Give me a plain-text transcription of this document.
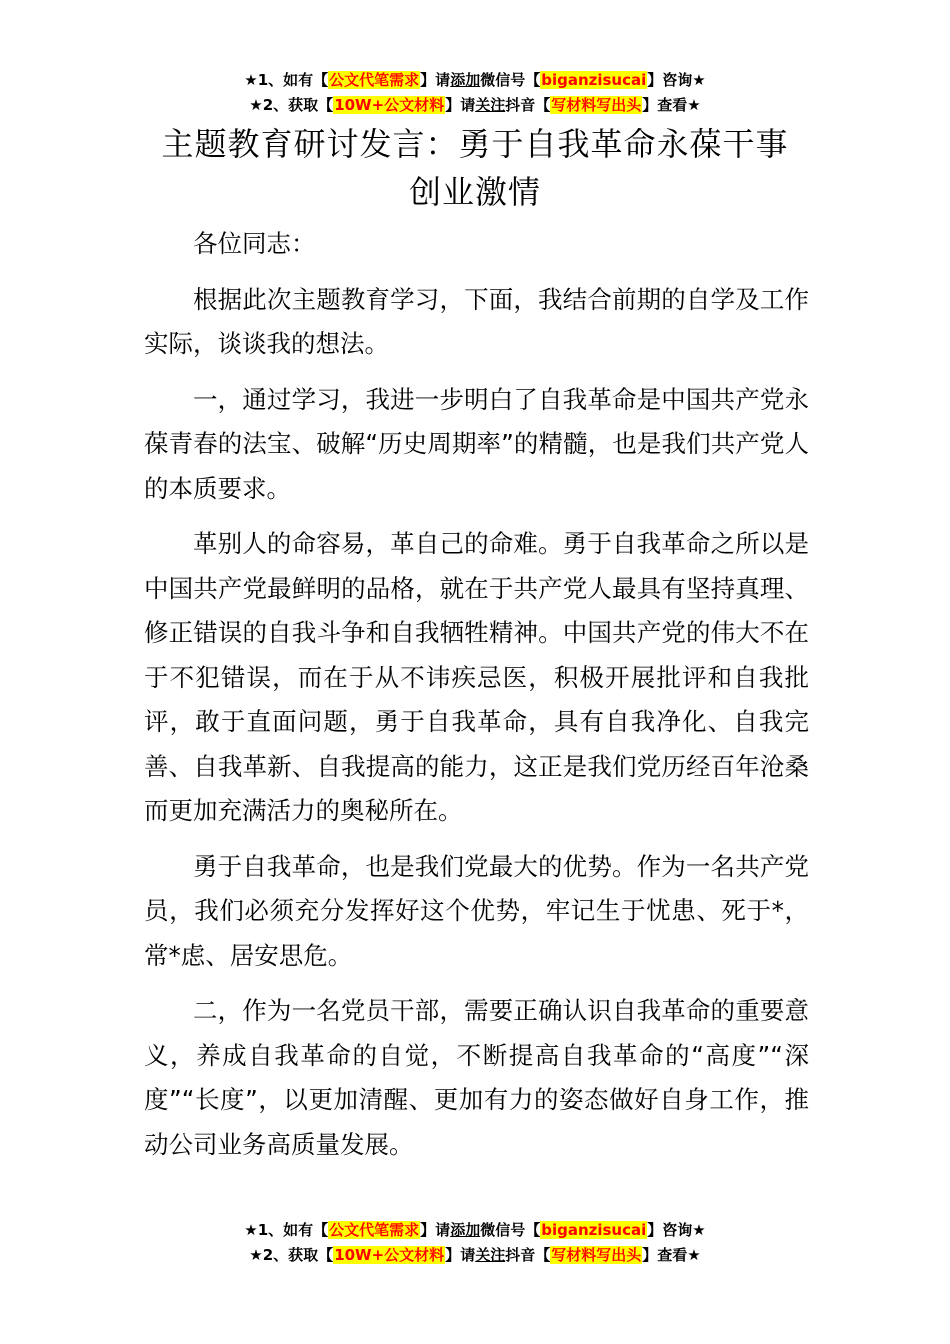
★1、如有【公文代笔需求】请添加微信号【biganzisucai】咨询★
★2、获取【10W+公文材料】请关注抖音【写材料写出头】查看★
主题教育研讨发言：勇于自我革命永葆干事
创业激情

各位同志：

根据此次主题教育学习，下面，我结合前期的自学及工作实际，谈谈我的想法。

一，通过学习，我进一步明白了自我革命是中国共产党永葆青春的法宝、破解“历史周期率”的精髓，也是我们共产党人的本质要求。

革别人的命容易，革自己的命难。勇于自我革命之所以是中国共产党最鲜明的品格，就在于共产党人最具有坚持真理、修正错误的自我斗争和自我牺牲精神。中国共产党的伟大不在于不犯错误，而在于从不讳疾忌医，积极开展批评和自我批评，敢于直面问题，勇于自我革命，具有自我净化、自我完善、自我革新、自我提高的能力，这正是我们党历经百年沧桑而更加充满活力的奥秘所在。

勇于自我革命，也是我们党最大的优势。作为一名共产党员，我们必须充分发挥好这个优势，牢记生于忧患、死于*，常*虑、居安思危。

二，作为一名党员干部，需要正确认识自我革命的重要意义，养成自我革命的自觉，不断提高自我革命的“高度”“深度”“长度”，以更加清醒、更加有力的姿态做好自身工作，推动公司业务高质量发展。

★1、如有【公文代笔需求】请添加微信号【biganzisucai】咨询★
★2、获取【10W+公文材料】请关注抖音【写材料写出头】查看★
